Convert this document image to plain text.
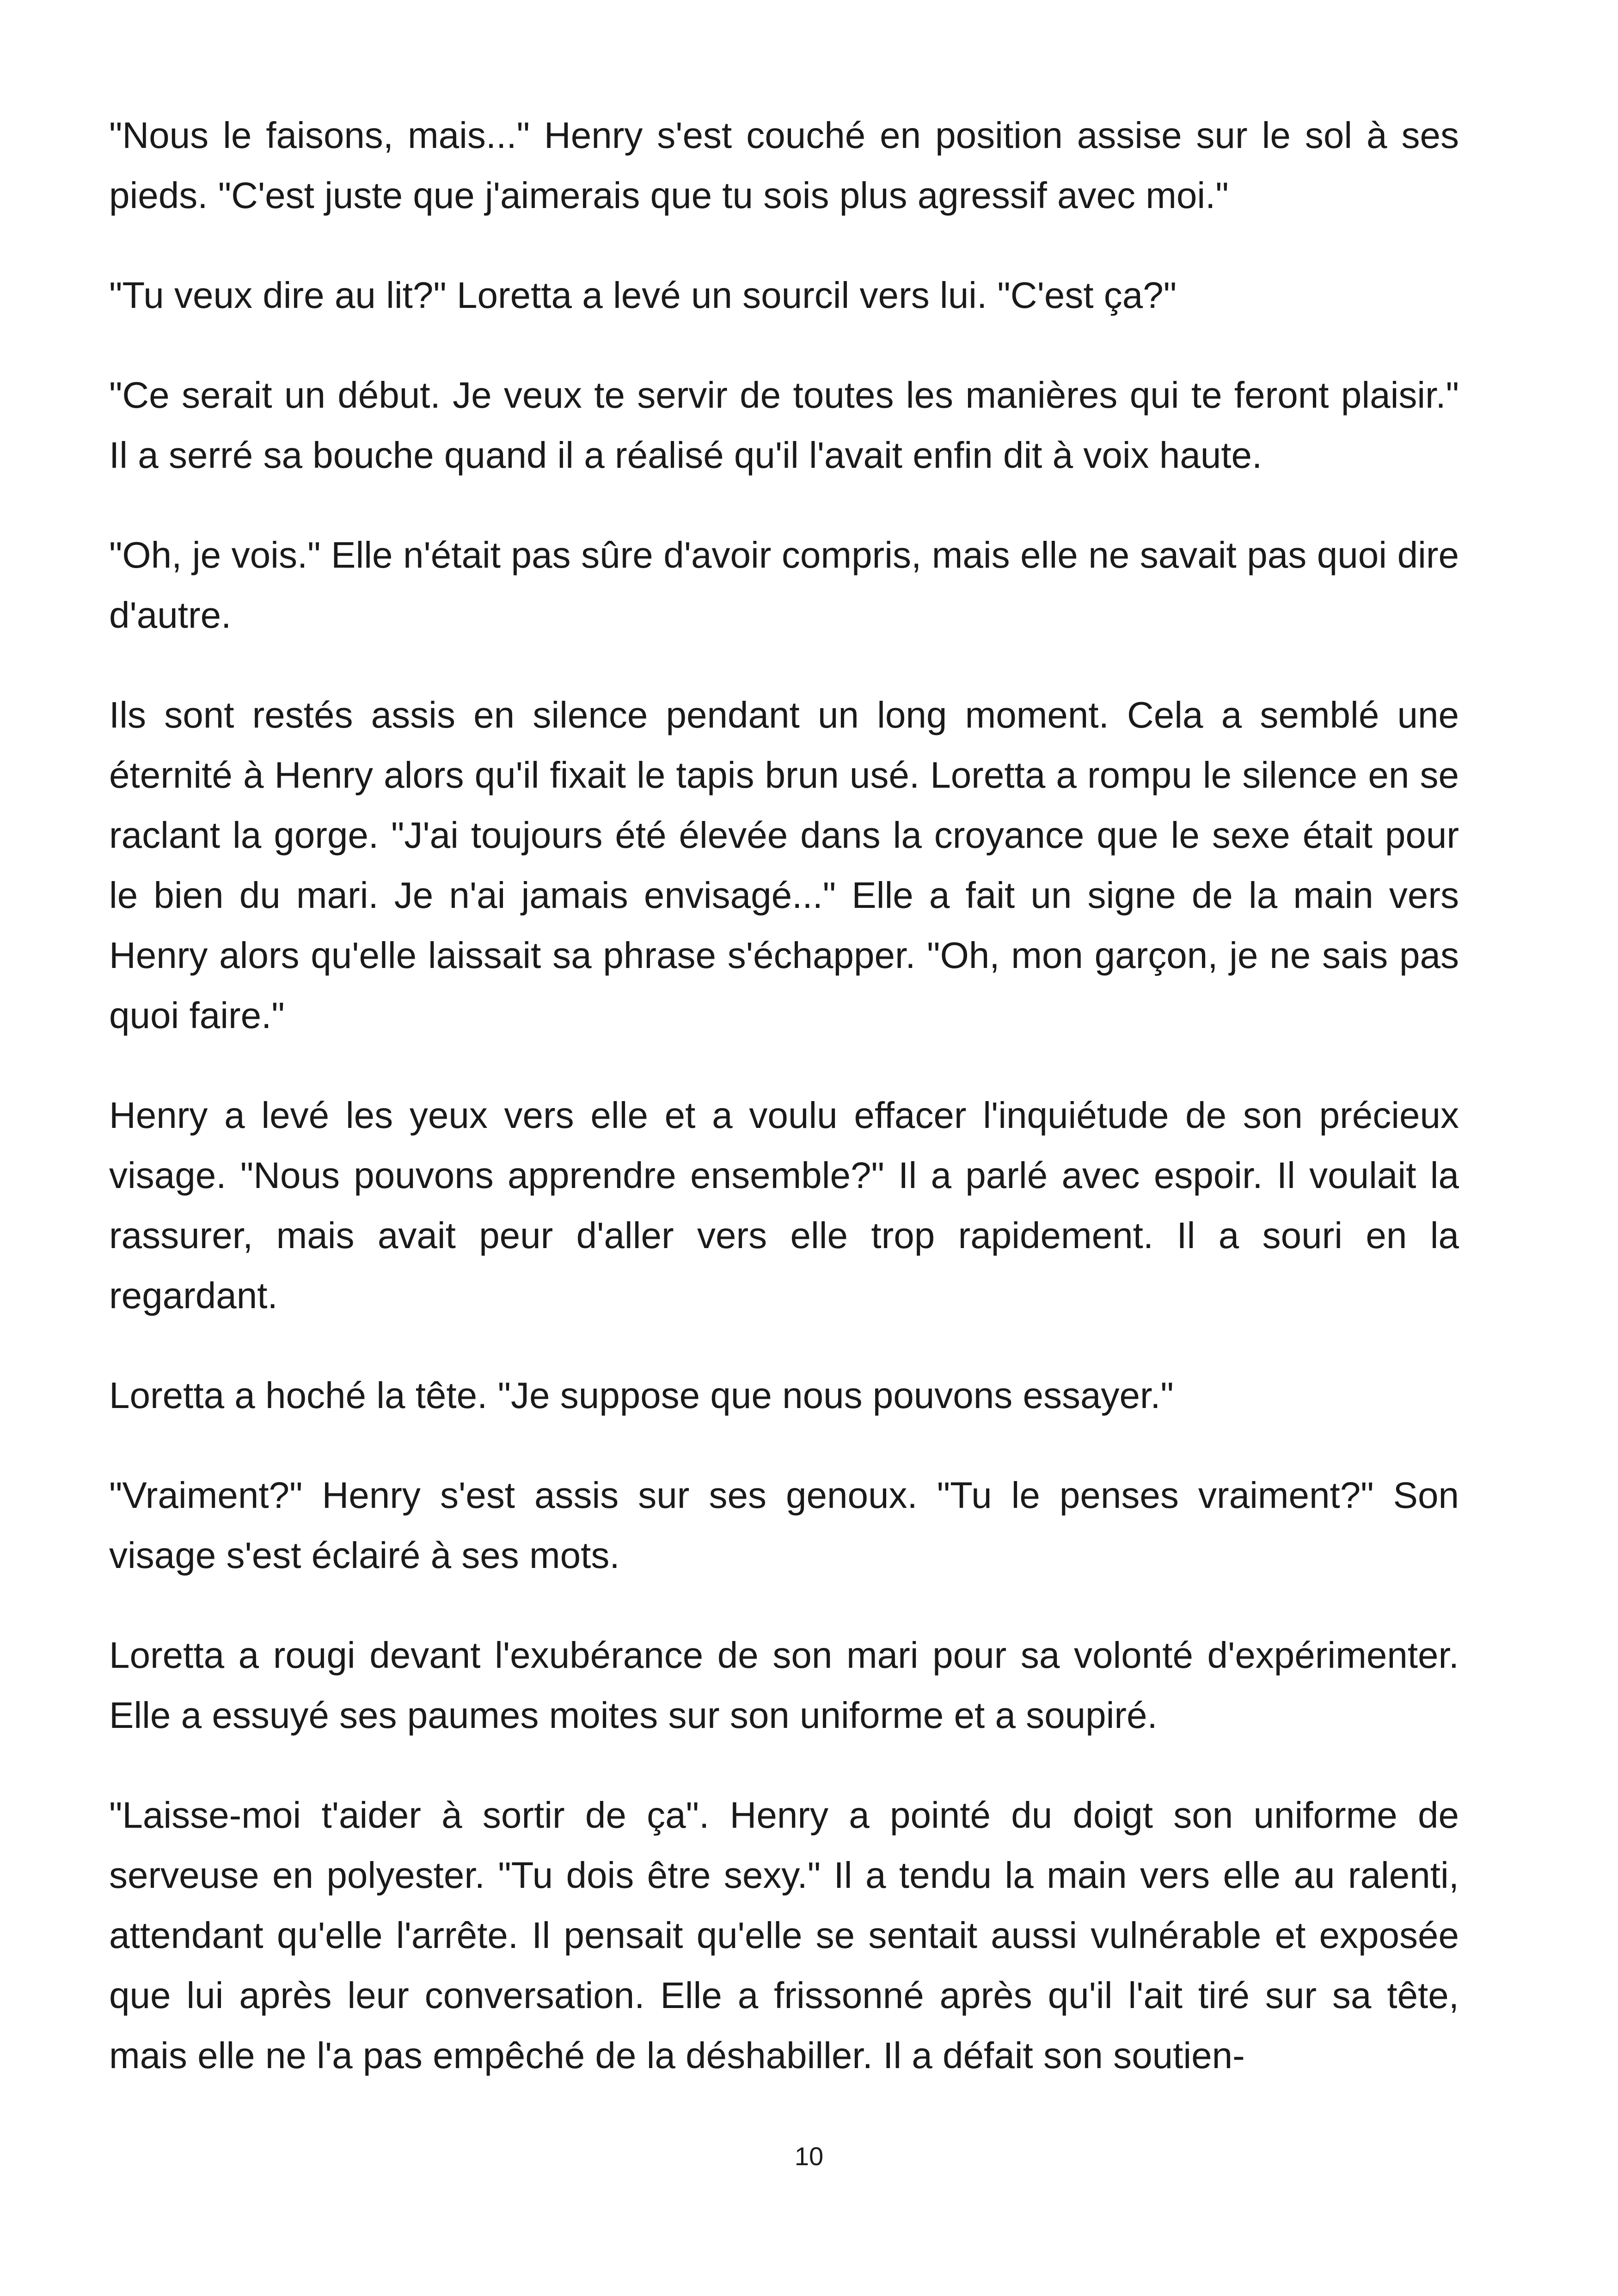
"Nous le faisons, mais..." Henry s'est couché en position assise sur le sol à ses pieds. "C'est juste que j'aimerais que tu sois plus agressif avec moi."

"Tu veux dire au lit?" Loretta a levé un sourcil vers lui. "C'est ça?"

"Ce serait un début. Je veux te servir de toutes les manières qui te feront plaisir." Il a serré sa bouche quand il a réalisé qu'il l'avait enfin dit à voix haute.

"Oh, je vois." Elle n'était pas sûre d'avoir compris, mais elle ne savait pas quoi dire d'autre.

Ils sont restés assis en silence pendant un long moment. Cela a semblé une éternité à Henry alors qu'il fixait le tapis brun usé. Loretta a rompu le silence en se raclant la gorge. "J'ai toujours été élevée dans la croyance que le sexe était pour le bien du mari. Je n'ai jamais envisagé..." Elle a fait un signe de la main vers Henry alors qu'elle laissait sa phrase s'échapper. "Oh, mon garçon, je ne sais pas quoi faire."

Henry a levé les yeux vers elle et a voulu effacer l'inquiétude de son précieux visage. "Nous pouvons apprendre ensemble?" Il a parlé avec espoir. Il voulait la rassurer, mais avait peur d'aller vers elle trop rapidement. Il a souri en la regardant.

Loretta a hoché la tête. "Je suppose que nous pouvons essayer."

"Vraiment?" Henry s'est assis sur ses genoux. "Tu le penses vraiment?" Son visage s'est éclairé à ses mots.

Loretta a rougi devant l'exubérance de son mari pour sa volonté d'expérimenter. Elle a essuyé ses paumes moites sur son uniforme et a soupiré.

"Laisse-moi t'aider à sortir de ça". Henry a pointé du doigt son uniforme de serveuse en polyester. "Tu dois être sexy." Il a tendu la main vers elle au ralenti, attendant qu'elle l'arrête. Il pensait qu'elle se sentait aussi vulnérable et exposée que lui après leur conversation. Elle a frissonné après qu'il l'ait tiré sur sa tête, mais elle ne l'a pas empêché de la déshabiller. Il a défait son soutien-

10
